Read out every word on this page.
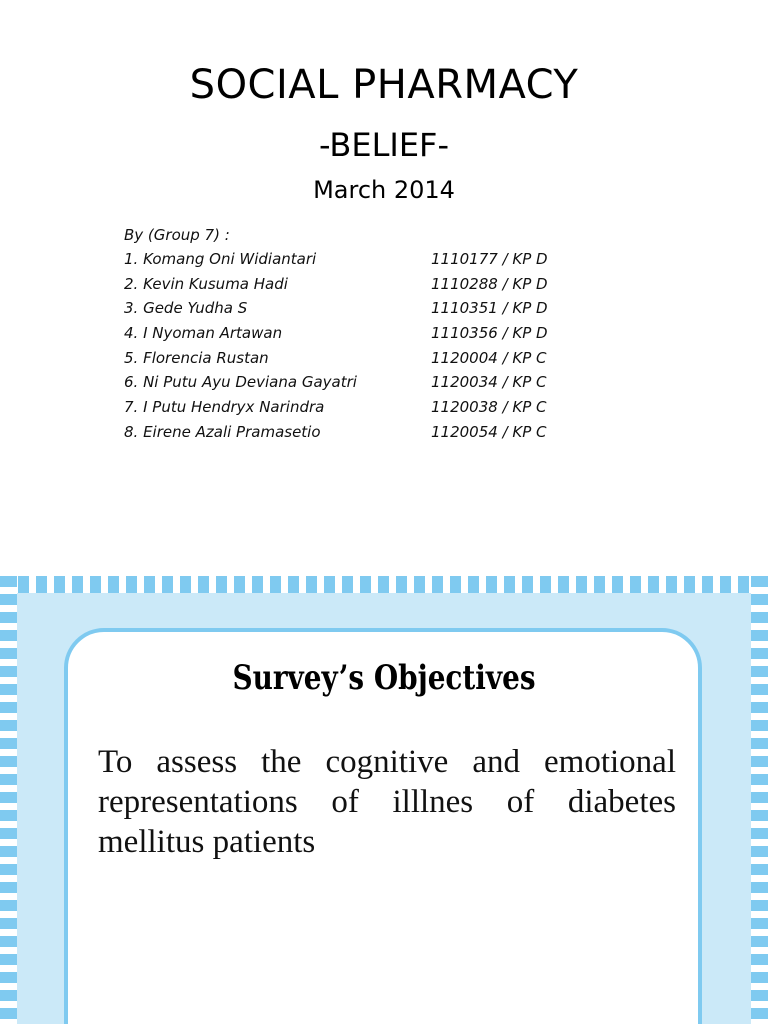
SOCIAL PHARMACY
-BELIEF-
March 2014
By (Group 7) :
1. Komang Oni Widiantari	1110177 / KP D
2. Kevin Kusuma Hadi	1110288 / KP D
3. Gede Yudha S	1110351 / KP D
4. I Nyoman Artawan	1110356 / KP D
5. Florencia Rustan	1120004 / KP C
6. Ni Putu Ayu Deviana Gayatri	1120034 / KP C
7. I Putu Hendryx Narindra	1120038 / KP C
8. Eirene Azali Pramasetio	1120054 / KP C
Survey’s Objectives
To assess the cognitive and emotional representations of illlnes of diabetes mellitus patients
